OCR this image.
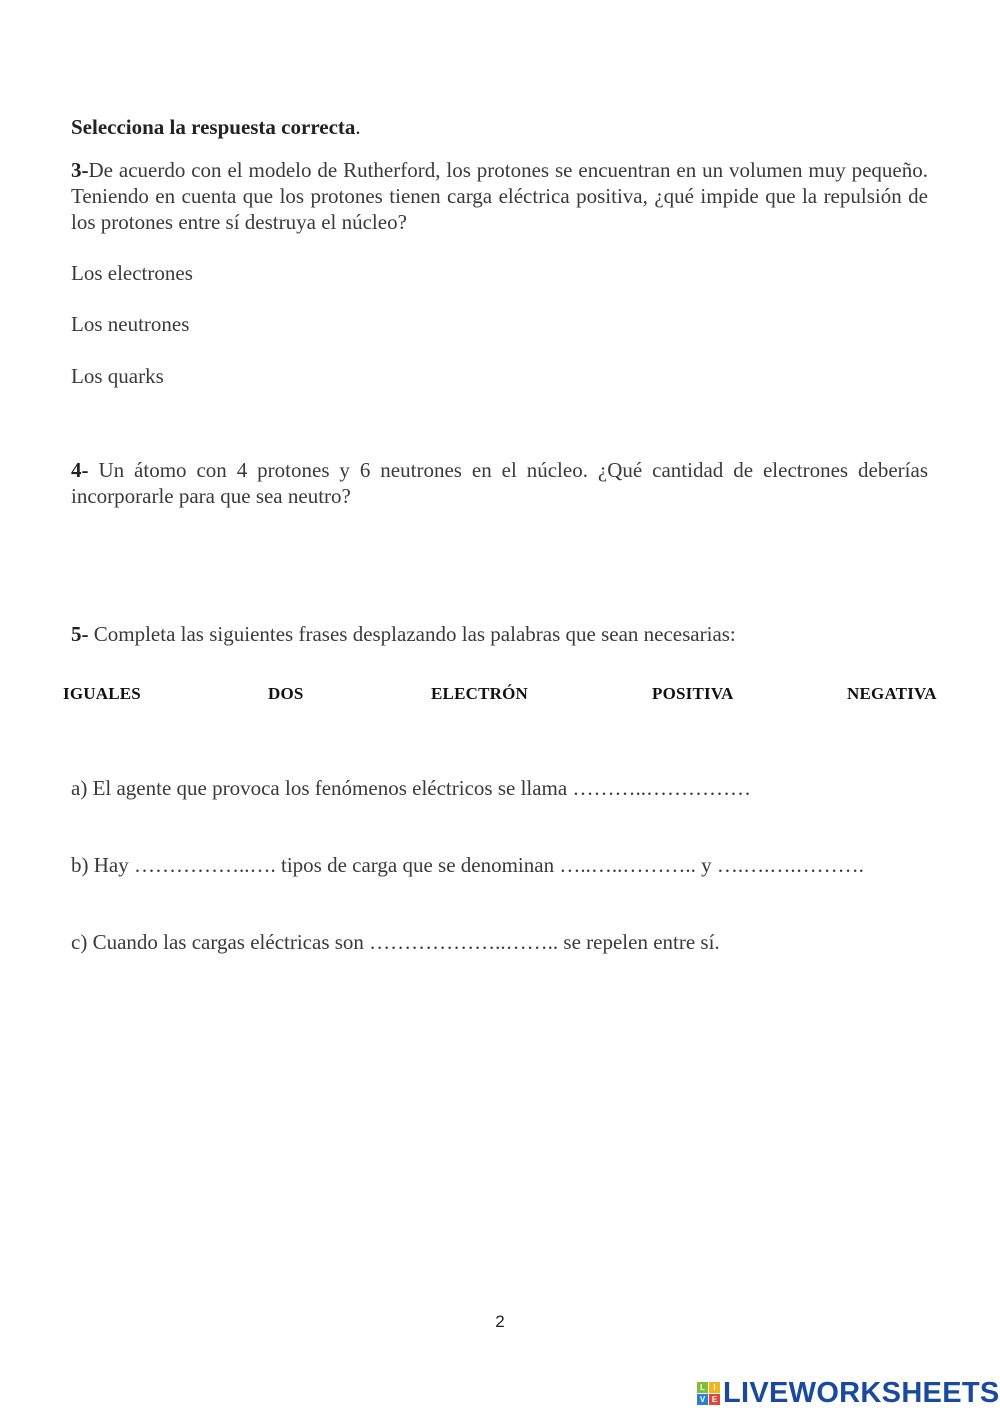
Selecciona la respuesta correcta.
3-De acuerdo con el modelo de Rutherford, los protones se encuentran en un volumen muy pequeño. Teniendo en cuenta que los protones tienen carga eléctrica positiva, ¿qué impide que la repulsión de los protones entre sí destruya el núcleo?
Los electrones
Los neutrones
Los quarks
4- Un átomo con 4 protones y 6 neutrones en el núcleo. ¿Qué cantidad de electrones deberías incorporarle para que sea neutro?
5- Completa las siguientes frases desplazando las palabras que sean necesarias:
IGUALES	DOS	ELECTRÓN	POSITIVA	NEGATIVA
a) El agente que provoca los fenómenos eléctricos se llama ………..……………
b) Hay ……………..…. tipos de carga que se denominan …..…..……….. y ….….….……….
c) Cuando las cargas eléctricas son ………………..…….. se repelen entre sí.
2
L	I
V E LIVEWORKSHEETS
